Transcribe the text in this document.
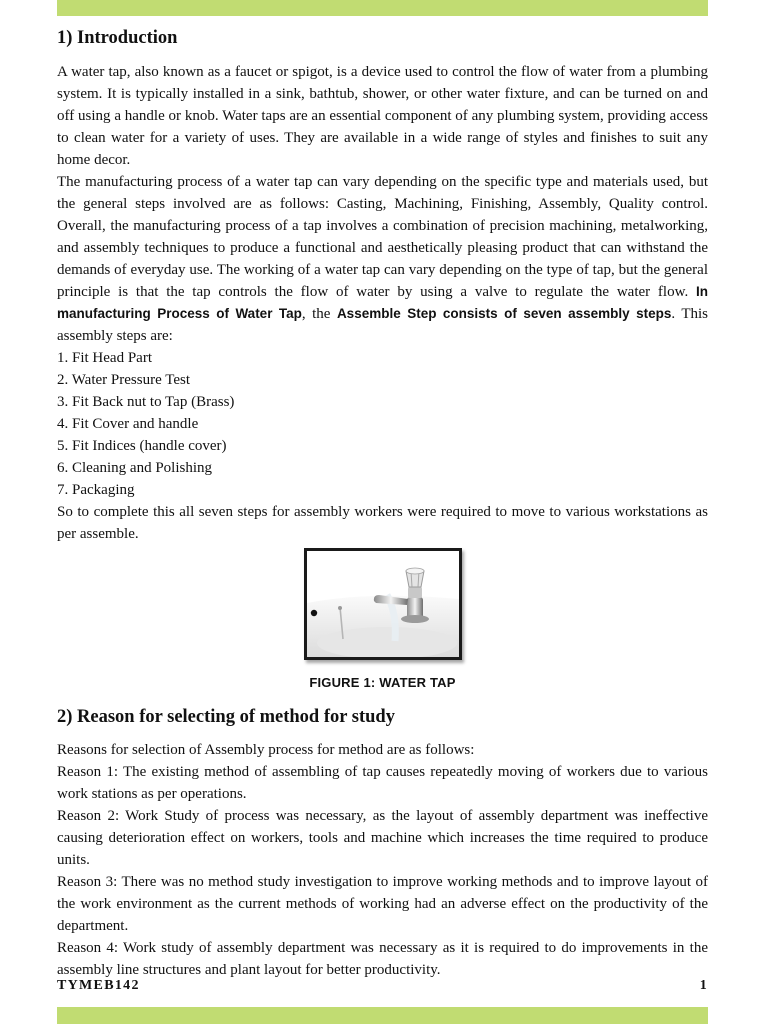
1) Introduction

A water tap, also known as a faucet or spigot, is a device used to control the flow of water from a plumbing system. It is typically installed in a sink, bathtub, shower, or other water fixture, and can be turned on and off using a handle or knob. Water taps are an essential component of any plumbing system, providing access to clean water for a variety of uses. They are available in a wide range of styles and finishes to suit any home decor.

The manufacturing process of a water tap can vary depending on the specific type and materials used, but the general steps involved are as follows: Casting, Machining, Finishing, Assembly, Quality control. Overall, the manufacturing process of a tap involves a combination of precision machining, metalworking, and assembly techniques to produce a functional and aesthetically pleasing product that can withstand the demands of everyday use. The working of a water tap can vary depending on the type of tap, but the general principle is that the tap controls the flow of water by using a valve to regulate the water flow. In manufacturing Process of Water Tap, the Assemble Step consists of seven assembly steps. This assembly steps are:

1. Fit Head Part
2. Water Pressure Test
3. Fit Back nut to Tap (Brass)
4. Fit Cover and handle
5. Fit Indices (handle cover)
6. Cleaning and Polishing
7. Packaging

So to complete this all seven steps for assembly workers were required to move to various workstations as per assemble.

FIGURE 1: WATER TAP
2) Reason for selecting of method for study

Reasons for selection of Assembly process for method are as follows:

Reason 1: The existing method of assembling of tap causes repeatedly moving of workers due to various work stations as per operations.

Reason 2: Work Study of process was necessary, as the layout of assembly department was ineffective causing deterioration effect on workers, tools and machine which increases the time required to produce units.

Reason 3: There was no method study investigation to improve working methods and to improve layout of the work environment as the current methods of working had an adverse effect on the productivity of the department.

Reason 4: Work study of assembly department was necessary as it is required to do improvements in the assembly line structures and plant layout for better productivity.

TYMEB142	1
